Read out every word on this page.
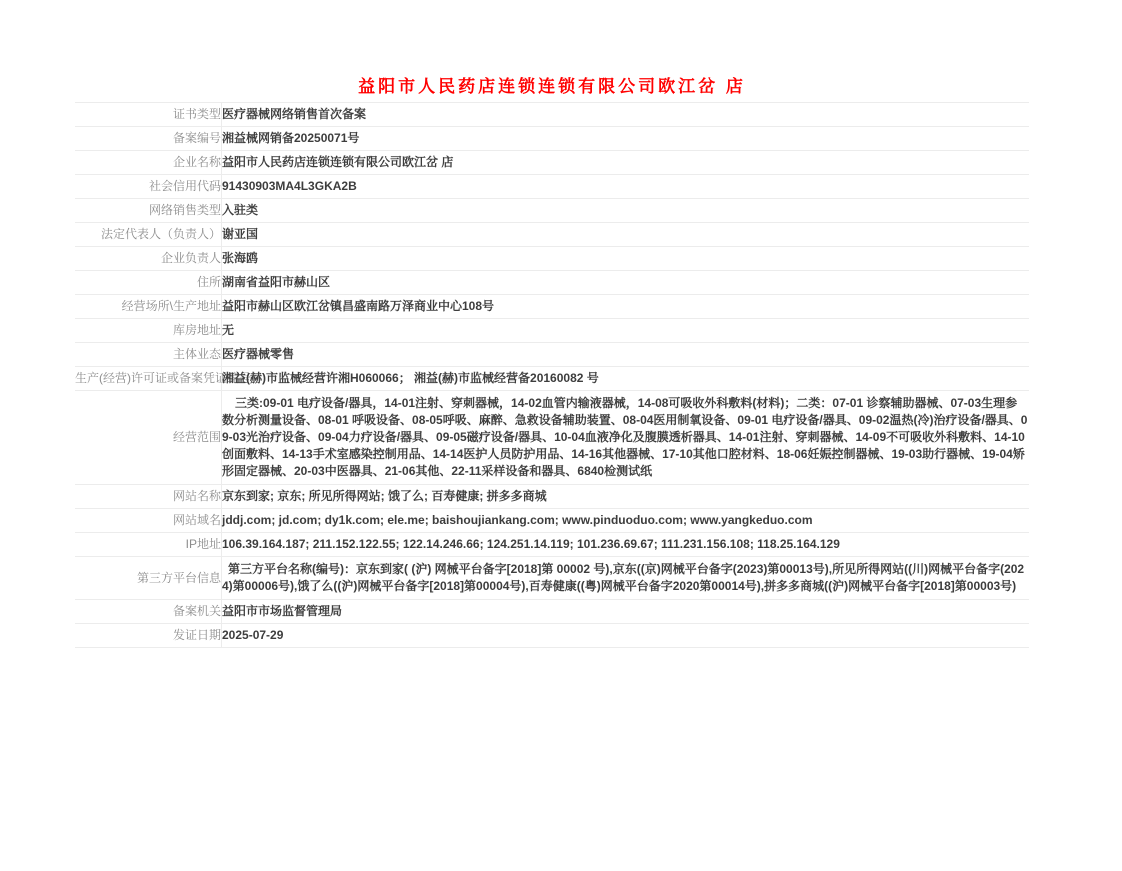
益阳市人民药店连锁连锁有限公司欧江岔 店
证书类型	医疗器械网络销售首次备案
备案编号	湘益械网销备20250071号
企业名称	益阳市人民药店连锁连锁有限公司欧江岔 店
社会信用代码	91430903MA4L3GKA2B
网络销售类型	入驻类
法定代表人（负责人）	谢亚国
企业负责人	张海鸥
住所	湖南省益阳市赫山区
经营场所\生产地址	益阳市赫山区欧江岔镇昌盛南路万泽商业中心108号
库房地址	无
主体业态	医疗器械零售
生产(经营)许可证或备案凭证编号	湘益(赫)市监械经营许湘H060066； 湘益(赫)市监械经营备20160082 号
经营范围	三类:09-01 电疗设备/器具，14-01注射、穿刺器械，14-02血管内输液器械，14-08可吸收外科敷料(材料)；二类：07-01 诊察辅助器械、07-03生理参数分析测量设备、08-01 呼吸设备、08-05呼吸、麻醉、急救设备辅助装置、08-04医用制氧设备、09-01 电疗设备/器具、09-02温热(冷)治疗设备/器具、09-03光治疗设备、09-04力疗设备/器具、09-05磁疗设备/器具、10-04血液净化及腹膜透析器具、14-01注射、穿刺器械、14-09不可吸收外科敷料、14-10创面敷料、14-13手术室感染控制用品、14-14医护人员防护用品、14-16其他器械、17-10其他口腔材料、18-06妊娠控制器械、19-03助行器械、19-04矫形固定器械、20-03中医器具、21-06其他、22-11采样设备和器具、6840检测试纸
网站名称	京东到家; 京东; 所见所得网站; 饿了么; 百寿健康; 拼多多商城
网站域名	jddj.com; jd.com; dy1k.com; ele.me; baishoujiankang.com; www.pinduoduo.com; www.yangkeduo.com
IP地址	106.39.164.187; 211.152.122.55; 122.14.246.66; 124.251.14.119; 101.236.69.67; 111.231.156.108; 118.25.164.129
第三方平台信息	第三方平台名称(编号)：京东到家( (沪) 网械平台备字[2018]第 00002 号),京东((京)网械平台备字(2023)第00013号),所见所得网站((川)网械平台备字(2024)第00006号),饿了么((沪)网械平台备字[2018]第00004号),百寿健康((粤)网械平台备字2020第00014号),拼多多商城((沪)网械平台备字[2018]第00003号)
备案机关	益阳市市场监督管理局
发证日期	2025-07-29
